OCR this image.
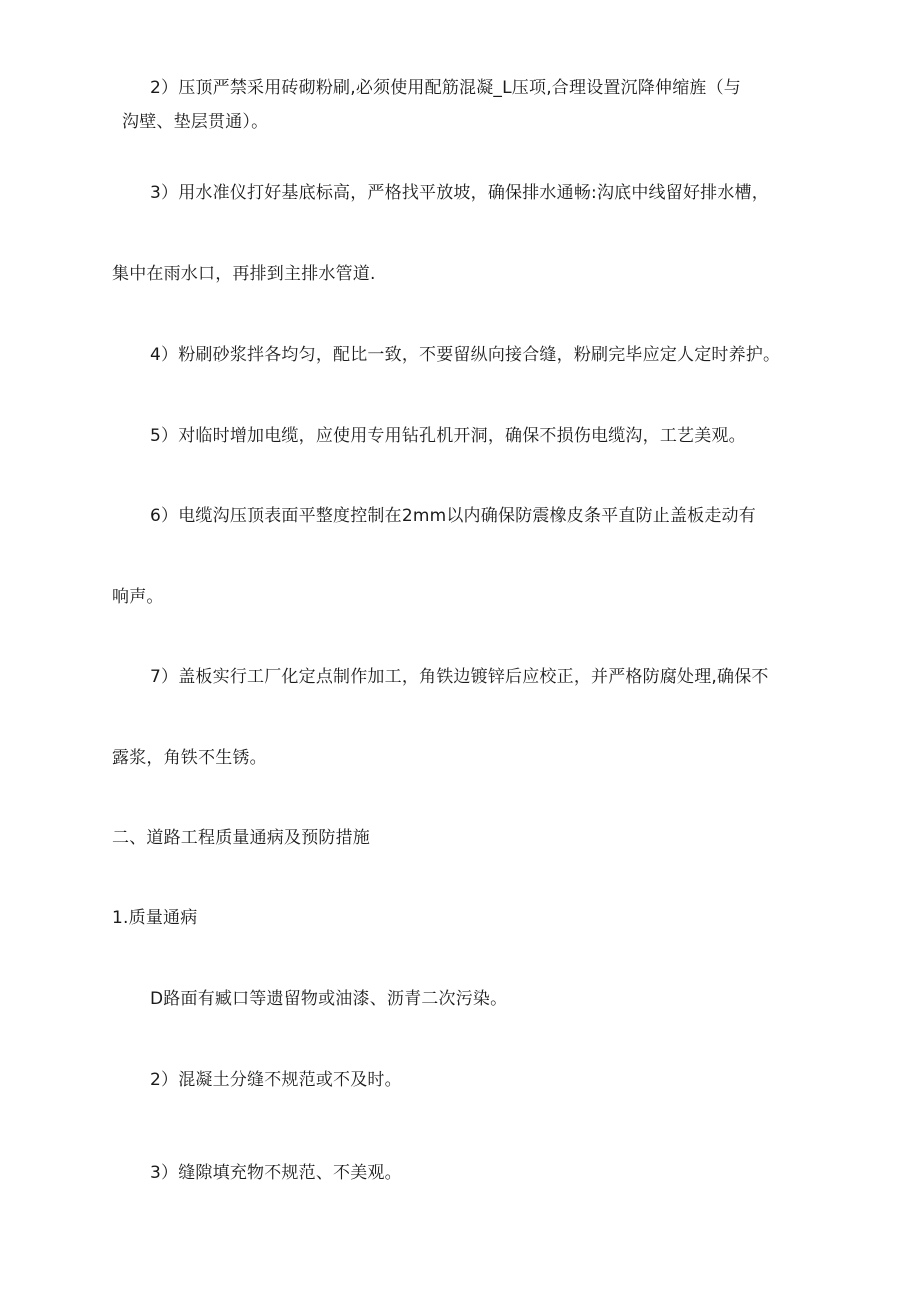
2）压顶严禁采用砖砌粉刷,必须使用配筋混凝_L压项,合理设置沉降伸缩旌（与
沟壁、垫层贯通）。
3）用水准仪打好基底标高，严格找平放坡，确保排水通畅:沟底中线留好排水槽，
集中在雨水口，再排到主排水管道.
4）粉刷砂浆拌各均匀，配比一致，不要留纵向接合缝，粉刷完毕应定人定时养护。
5）对临时增加电缆，应使用专用钻孔机开洞，确保不损伤电缆沟，工艺美观。
6）电缆沟压顶表面平整度控制在2mm以内确保防震橡皮条平直防止盖板走动有
响声。
7）盖板实行工厂化定点制作加工，角铁边镀锌后应校正，并严格防腐处理,确保不
露浆，角铁不生锈。
二、道路工程质量通病及预防措施
1.质量通病
D路面有臧口等遗留物或油漆、沥青二次污染。
2）混凝土分缝不规范或不及时。
3）缝隙填充物不规范、不美观。
